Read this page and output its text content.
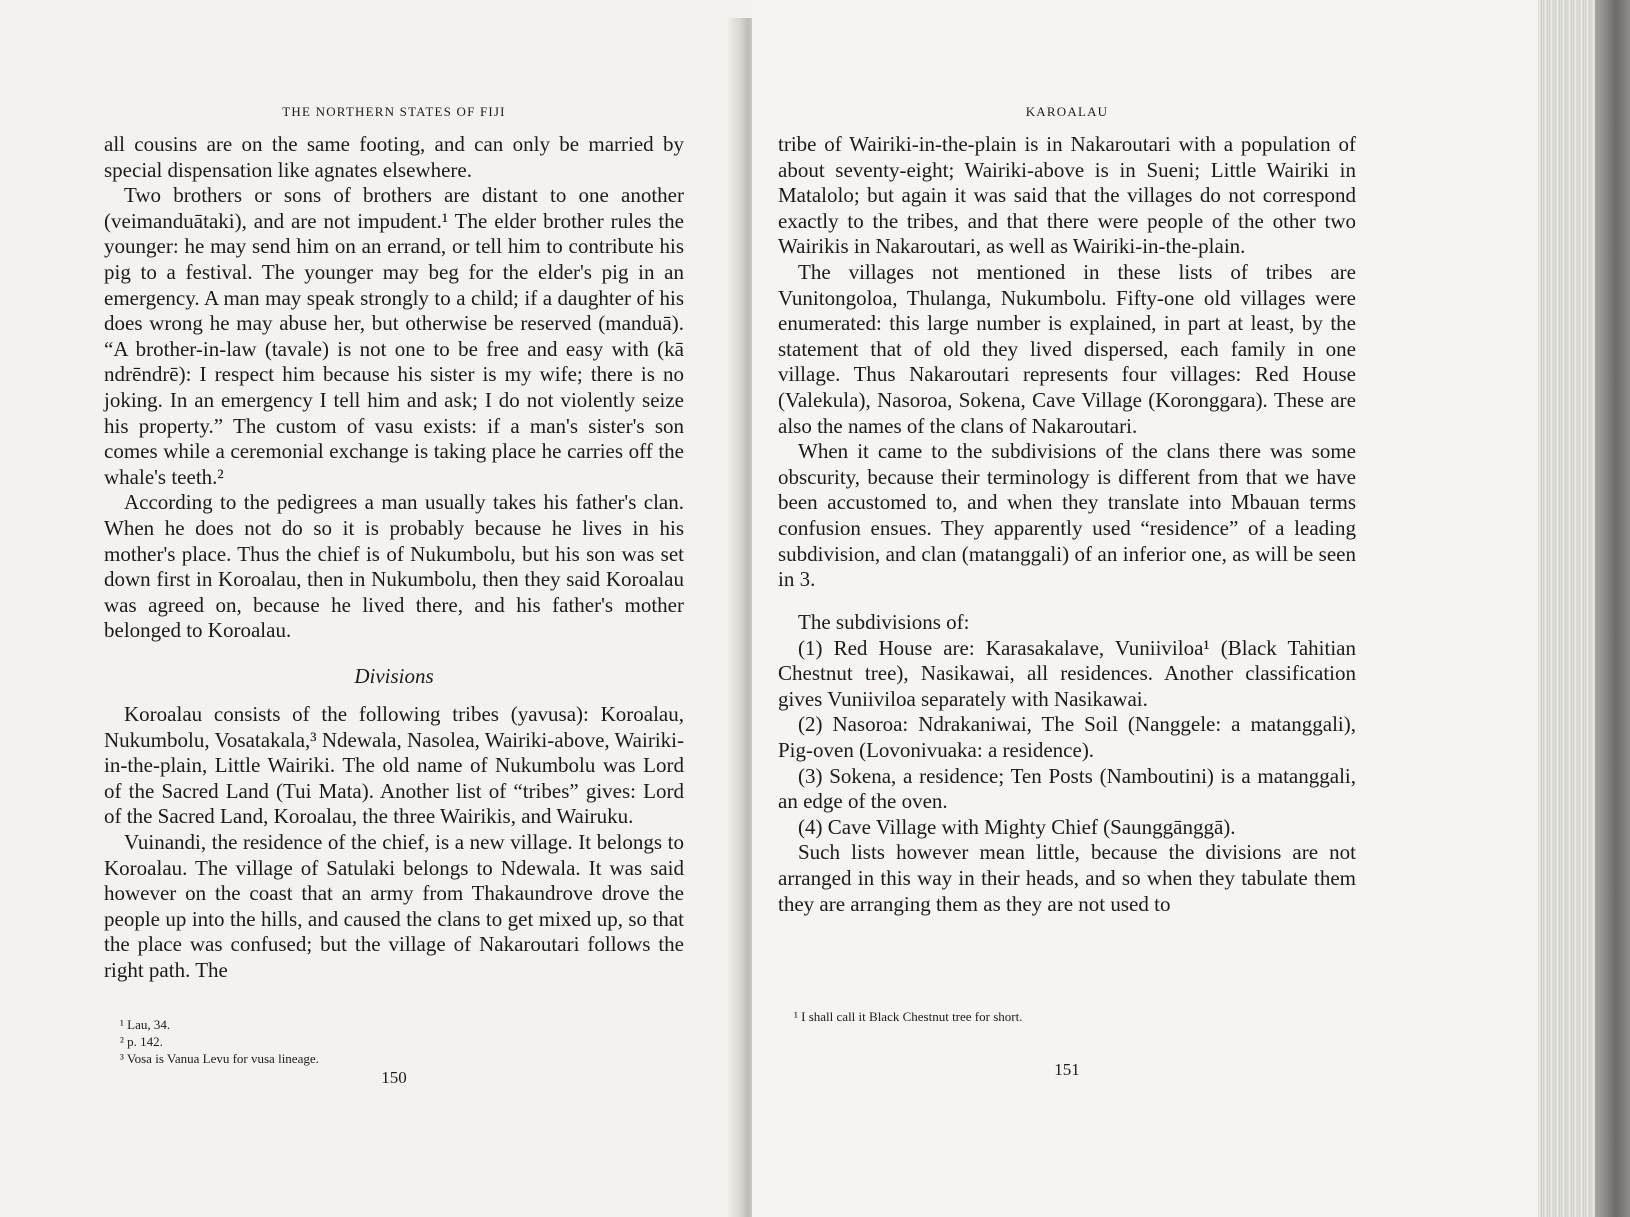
THE NORTHERN STATES OF FIJI

all cousins are on the same footing, and can only be married by special dispensation like agnates elsewhere.

Two brothers or sons of brothers are distant to one another (veimanduātaki), and are not impudent.¹ The elder brother rules the younger: he may send him on an errand, or tell him to contribute his pig to a festival. The younger may beg for the elder's pig in an emergency. A man may speak strongly to a child; if a daughter of his does wrong he may abuse her, but otherwise be reserved (manduā). “A brother-in-law (tavale) is not one to be free and easy with (kā ndrēndrē): I respect him because his sister is my wife; there is no joking. In an emergency I tell him and ask; I do not violently seize his property.” The custom of vasu exists: if a man's sister's son comes while a ceremonial exchange is taking place he carries off the whale's teeth.²

According to the pedigrees a man usually takes his father's clan. When he does not do so it is probably because he lives in his mother's place. Thus the chief is of Nukumbolu, but his son was set down first in Koroalau, then in Nukumbolu, then they said Koroalau was agreed on, because he lived there, and his father's mother belonged to Koroalau.

Divisions

Koroalau consists of the following tribes (yavusa): Koroalau, Nukumbolu, Vosatakala,³ Ndewala, Nasolea, Wairiki-above, Wairiki-in-the-plain, Little Wairiki. The old name of Nukumbolu was Lord of the Sacred Land (Tui Mata). Another list of “tribes” gives: Lord of the Sacred Land, Koroalau, the three Wairikis, and Wairuku.

Vuinandi, the residence of the chief, is a new village. It belongs to Koroalau. The village of Satulaki belongs to Ndewala. It was said however on the coast that an army from Thakaundrove drove the people up into the hills, and caused the clans to get mixed up, so that the place was confused; but the village of Nakaroutari follows the right path. The

¹ Lau, 34.
² p. 142.
³ Vosa is Vanua Levu for vusa lineage.
150
KAROALAU

tribe of Wairiki-in-the-plain is in Nakaroutari with a population of about seventy-eight; Wairiki-above is in Sueni; Little Wairiki in Matalolo; but again it was said that the villages do not correspond exactly to the tribes, and that there were people of the other two Wairikis in Nakaroutari, as well as Wairiki-in-the-plain.

The villages not mentioned in these lists of tribes are Vunitongoloa, Thulanga, Nukumbolu. Fifty-one old villages were enumerated: this large number is explained, in part at least, by the statement that of old they lived dispersed, each family in one village. Thus Nakaroutari represents four villages: Red House (Valekula), Nasoroa, Sokena, Cave Village (Koronggara). These are also the names of the clans of Nakaroutari.

When it came to the subdivisions of the clans there was some obscurity, because their terminology is different from that we have been accustomed to, and when they translate into Mbauan terms confusion ensues. They apparently used “residence” of a leading subdivision, and clan (matanggali) of an inferior one, as will be seen in 3.

The subdivisions of:

(1) Red House are: Karasakalave, Vuniiviloa¹ (Black Tahitian Chestnut tree), Nasikawai, all residences. Another classification gives Vuniiviloa separately with Nasikawai.

(2) Nasoroa: Ndrakaniwai, The Soil (Nanggele: a matanggali), Pig-oven (Lovonivuaka: a residence).

(3) Sokena, a residence; Ten Posts (Namboutini) is a matanggali, an edge of the oven.

(4) Cave Village with Mighty Chief (Saunggānggā).

Such lists however mean little, because the divisions are not arranged in this way in their heads, and so when they tabulate them they are arranging them as they are not used to

¹ I shall call it Black Chestnut tree for short.
151
